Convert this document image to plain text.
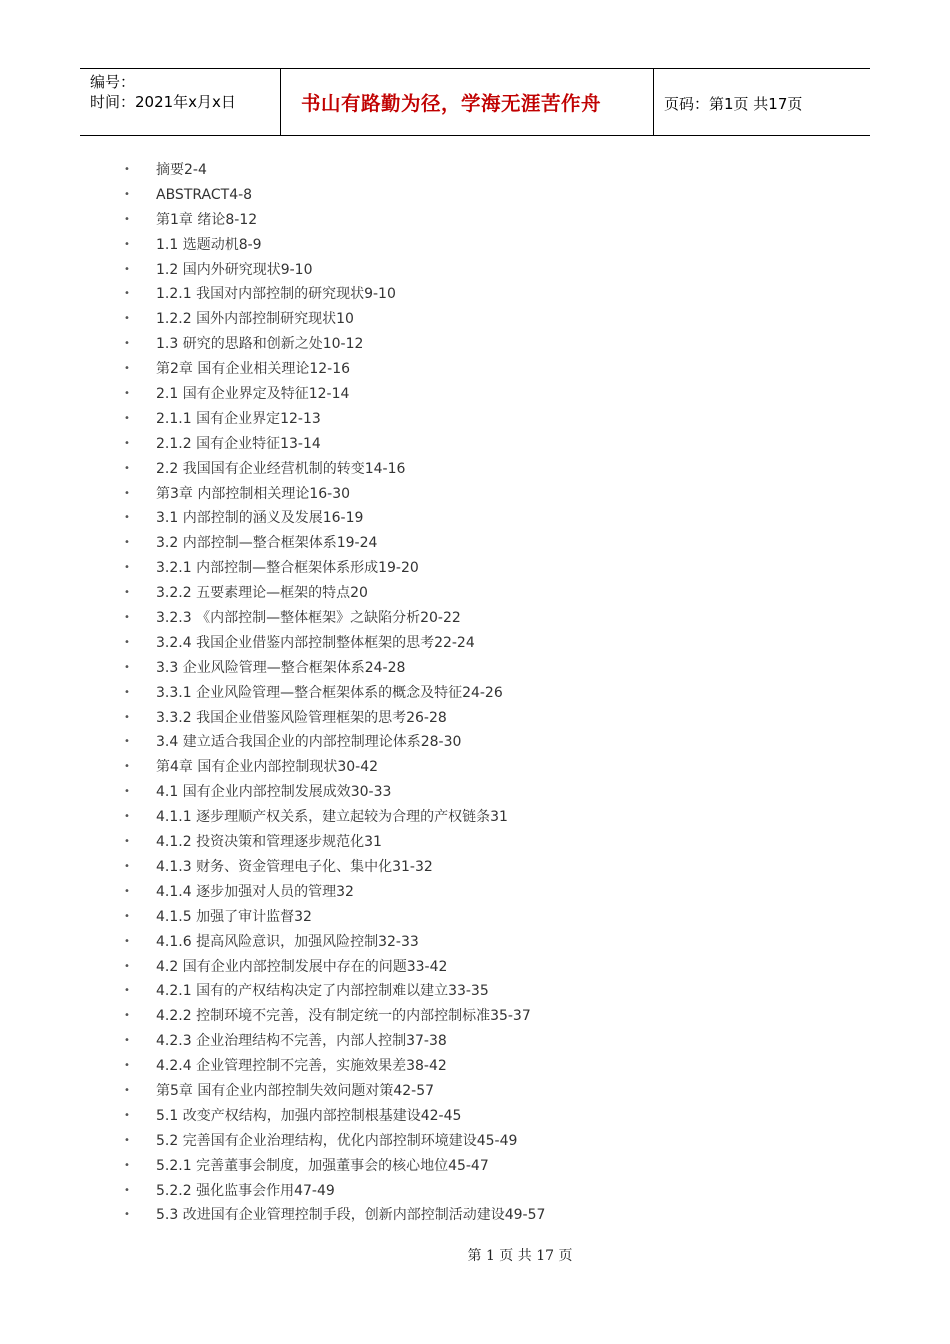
编号：
时间：2021年x月x日	书山有路勤为径，学海无涯苦作舟	页码：第1页 共17页
•	摘要2-4
•	ABSTRACT4-8
•	第1章 绪论8-12
•	1.1 选题动机8-9
•	1.2 国内外研究现状9-10
•	1.2.1 我国对内部控制的研究现状9-10
•	1.2.2 国外内部控制研究现状10
•	1.3 研究的思路和创新之处10-12
•	第2章 国有企业相关理论12-16
•	2.1 国有企业界定及特征12-14
•	2.1.1 国有企业界定12-13
•	2.1.2 国有企业特征13-14
•	2.2 我国国有企业经营机制的转变14-16
•	第3章 内部控制相关理论16-30
•	3.1 内部控制的涵义及发展16-19
•	3.2 内部控制—整合框架体系19-24
•	3.2.1 内部控制—整合框架体系形成19-20
•	3.2.2 五要素理论—框架的特点20
•	3.2.3 《内部控制—整体框架》之缺陷分析20-22
•	3.2.4 我国企业借鉴内部控制整体框架的思考22-24
•	3.3 企业风险管理—整合框架体系24-28
•	3.3.1 企业风险管理—整合框架体系的概念及特征24-26
•	3.3.2 我国企业借鉴风险管理框架的思考26-28
•	3.4 建立适合我国企业的内部控制理论体系28-30
•	第4章 国有企业内部控制现状30-42
•	4.1 国有企业内部控制发展成效30-33
•	4.1.1 逐步理顺产权关系，建立起较为合理的产权链条31
•	4.1.2 投资决策和管理逐步规范化31
•	4.1.3 财务、资金管理电子化、集中化31-32
•	4.1.4 逐步加强对人员的管理32
•	4.1.5 加强了审计监督32
•	4.1.6 提高风险意识，加强风险控制32-33
•	4.2 国有企业内部控制发展中存在的问题33-42
•	4.2.1 国有的产权结构决定了内部控制难以建立33-35
•	4.2.2 控制环境不完善，没有制定统一的内部控制标准35-37
•	4.2.3 企业治理结构不完善，内部人控制37-38
•	4.2.4 企业管理控制不完善，实施效果差38-42
•	第5章 国有企业内部控制失效问题对策42-57
•	5.1 改变产权结构，加强内部控制根基建设42-45
•	5.2 完善国有企业治理结构，优化内部控制环境建设45-49
•	5.2.1 完善董事会制度，加强董事会的核心地位45-47
•	5.2.2 强化监事会作用47-49
•	5.3 改进国有企业管理控制手段，创新内部控制活动建设49-57
第 1 页 共 17 页
